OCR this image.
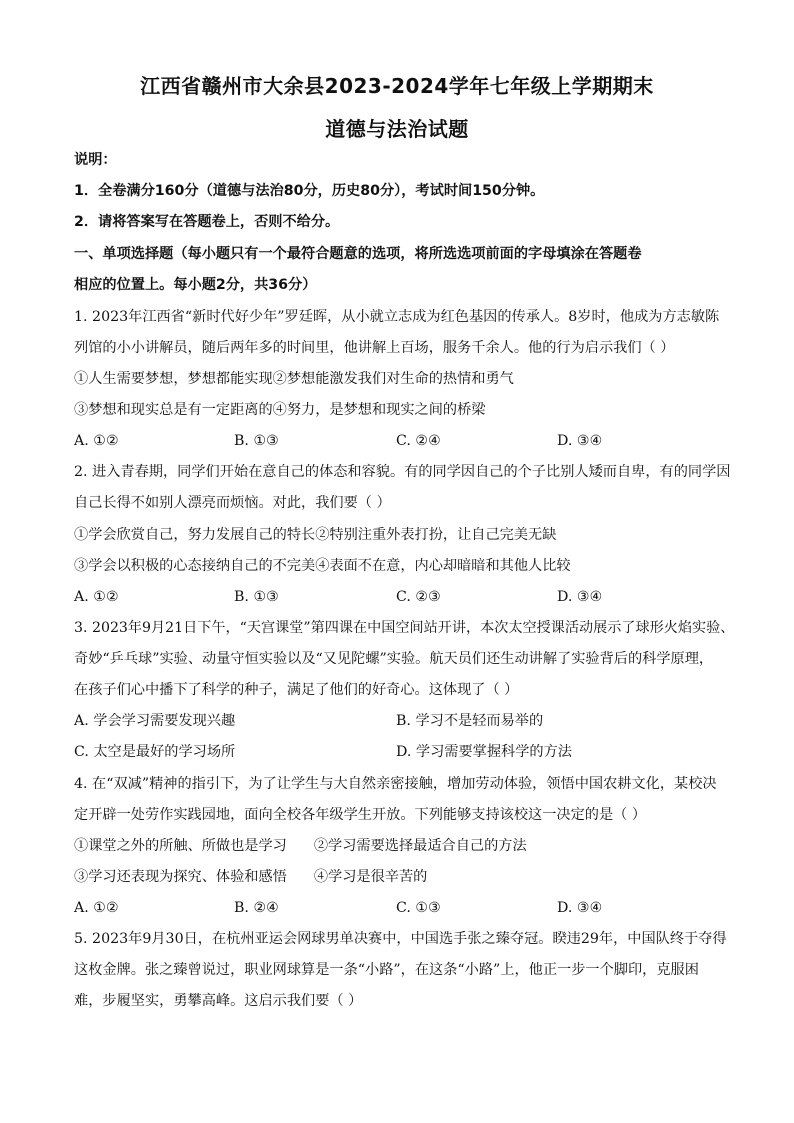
江西省赣州市大余县2023-2024学年七年级上学期期末
道德与法治试题
说明：
1．全卷满分160分（道德与法治80分，历史80分），考试时间150分钟。
2．请将答案写在答题卷上，否则不给分。
一、单项选择题（每小题只有一个最符合题意的选项，将所选选项前面的字母填涂在答题卷
相应的位置上。每小题2分，共36分）
1. 2023年江西省“新时代好少年”罗廷晖，从小就立志成为红色基因的传承人。8岁时，他成为方志敏陈
列馆的小小讲解员，随后两年多的时间里，他讲解上百场，服务千余人。他的行为启示我们（ ）
①人生需要梦想，梦想都能实现②梦想能激发我们对生命的热情和勇气
③梦想和现实总是有一定距离的④努力，是梦想和现实之间的桥梁
A. ①②	B. ①③	C. ②④	D. ③④
2. 进入青春期，同学们开始在意自己的体态和容貌。有的同学因自己的个子比别人矮而自卑，有的同学因
自己长得不如别人漂亮而烦恼。对此，我们要（ ）
①学会欣赏自己，努力发展自己的特长②特别注重外表打扮，让自己完美无缺
③学会以积极的心态接纳自己的不完美④表面不在意，内心却暗暗和其他人比较
A. ①②	B. ①③	C. ②③	D. ③④
3. 2023年9月21日下午，“天宫课堂”第四课在中国空间站开讲，本次太空授课活动展示了球形火焰实验、
奇妙“乒乓球”实验、动量守恒实验以及“又见陀螺”实验。航天员们还生动讲解了实验背后的科学原理，
在孩子们心中播下了科学的种子，满足了他们的好奇心。这体现了（ ）
A. 学会学习需要发现兴趣	B. 学习不是轻而易举的
C. 太空是最好的学习场所	D. 学习需要掌握科学的方法
4. 在“双减”精神的指引下，为了让学生与大自然亲密接触，增加劳动体验，领悟中国农耕文化，某校决
定开辟一处劳作实践园地，面向全校各年级学生开放。下列能够支持该校这一决定的是（ ）
①课堂之外的所触、所做也是学习      ②学习需要选择最适合自己的方法
③学习还表现为探究、体验和感悟      ④学习是很辛苦的
A. ①②	B. ②④	C. ①③	D. ③④
5. 2023年9月30日，在杭州亚运会网球男单决赛中，中国选手张之臻夺冠。睽违29年，中国队终于夺得
这枚金牌。张之臻曾说过，职业网球算是一条“小路”，在这条“小路”上，他正一步一个脚印，克服困
难，步履坚实，勇攀高峰。这启示我们要（ ）
